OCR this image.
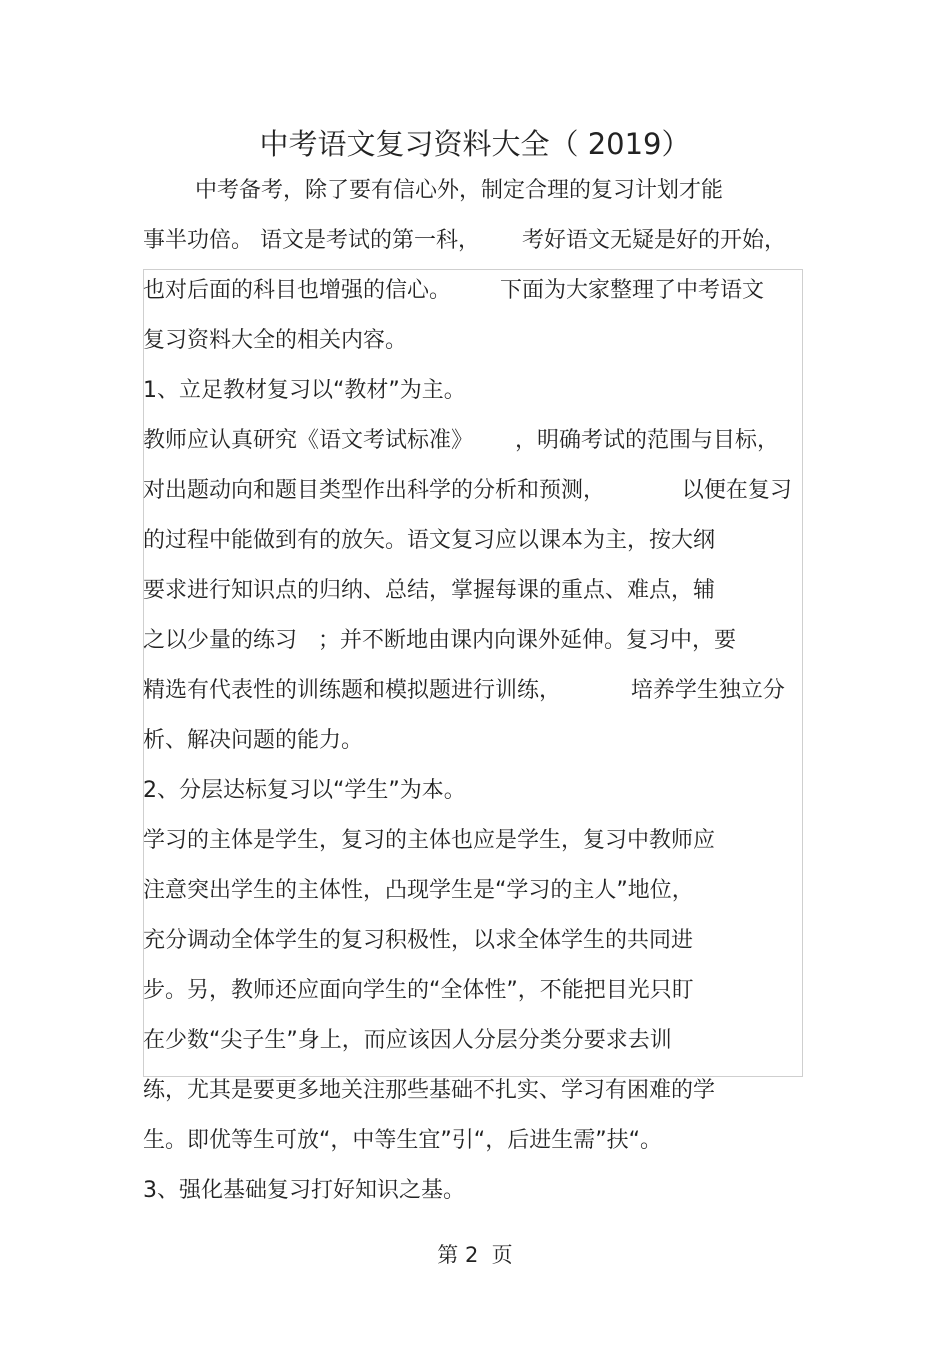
中考语文复习资料大全（ 2019）
中考备考，除了要有信心外，制定合理的复习计划才能
事半功倍。 语文是考试的第一科，      考好语文无疑是好的开始，
也对后面的科目也增强的信心。       下面为大家整理了中考语文
复习资料大全的相关内容。
1、立足教材复习以“教材”为主。
教师应认真研究《语文考试标准》      ，明确考试的范围与目标，
对出题动向和题目类型作出科学的分析和预测，           以便在复习
的过程中能做到有的放矢。语文复习应以课本为主，按大纲
要求进行知识点的归纳、总结，掌握每课的重点、难点，辅
之以少量的练习   ；并不断地由课内向课外延伸。复习中，要
精选有代表性的训练题和模拟题进行训练，          培养学生独立分
析、解决问题的能力。
2、分层达标复习以“学生”为本。
学习的主体是学生，复习的主体也应是学生，复习中教师应
注意突出学生的主体性，凸现学生是“学习的主人”地位，
充分调动全体学生的复习积极性，以求全体学生的共同进
步。另，教师还应面向学生的“全体性”，不能把目光只盯
在少数“尖子生”身上，而应该因人分层分类分要求去训
练，尤其是要更多地关注那些基础不扎实、学习有困难的学
生。即优等生可放“，中等生宜”引“，后进生需”扶“。
3、强化基础复习打好知识之基。
第 2  页
